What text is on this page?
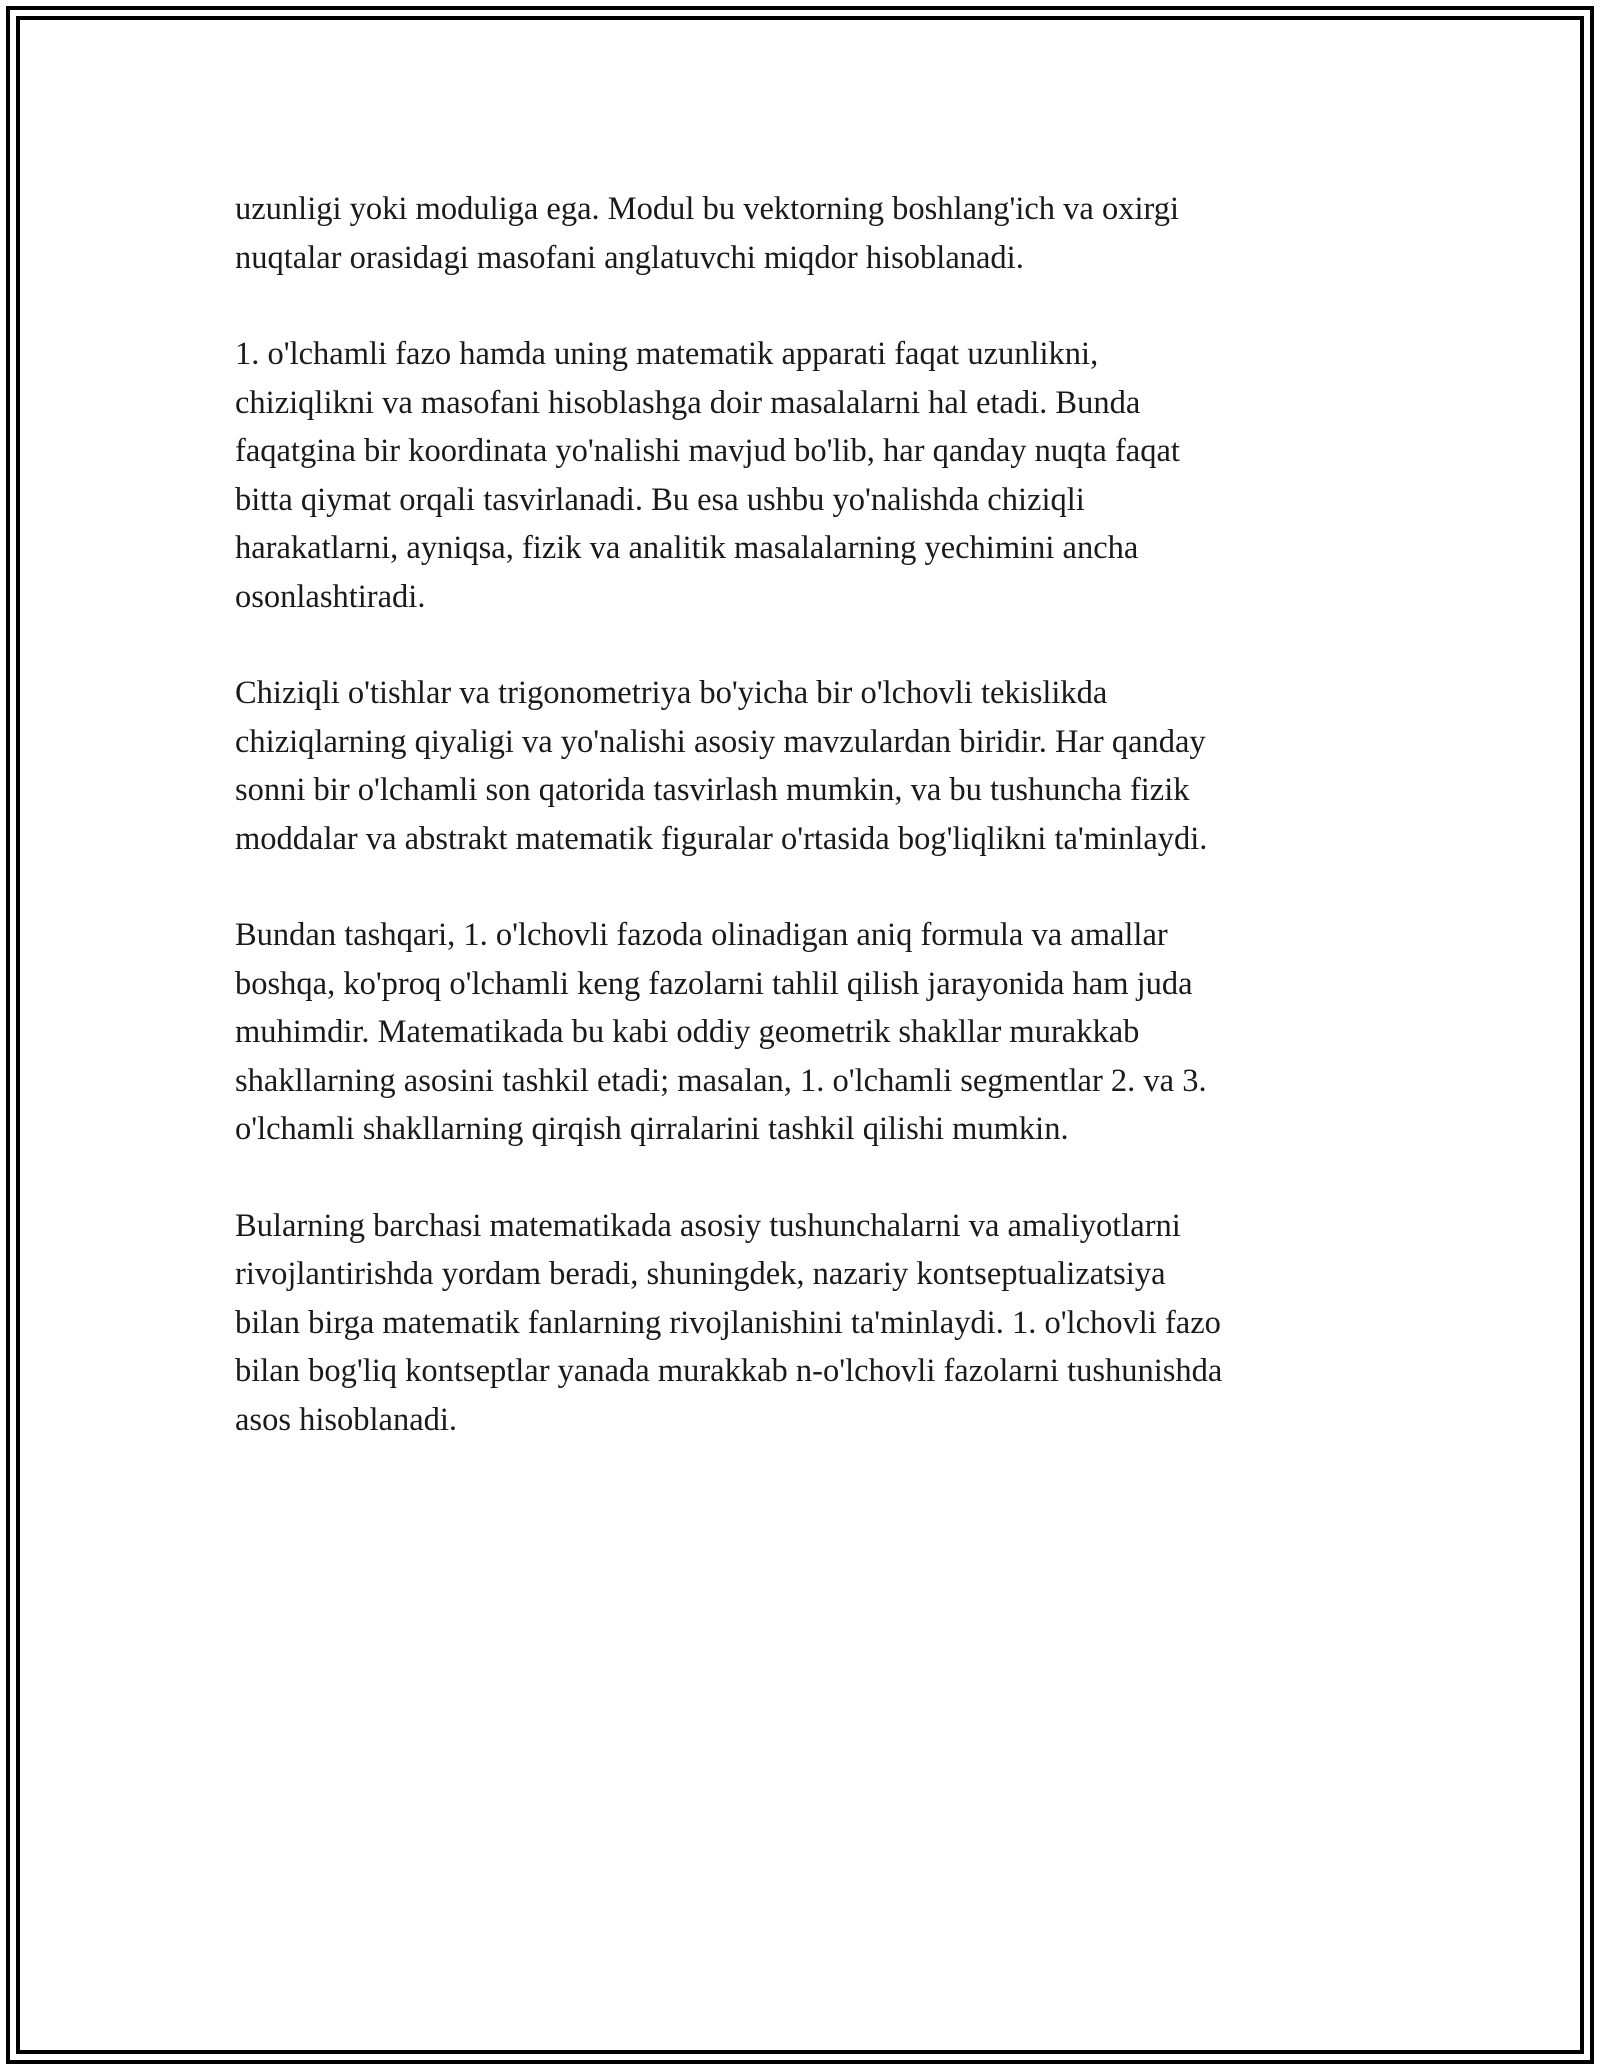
uzunligi yoki moduliga ega. Modul bu vektorning boshlang'ich va oxirgi
nuqtalar orasidagi masofani anglatuvchi miqdor hisoblanadi.

1. o'lchamli fazo hamda uning matematik apparati faqat uzunlikni,
chiziqlikni va masofani hisoblashga doir masalalarni hal etadi. Bunda
faqatgina bir koordinata yo'nalishi mavjud bo'lib, har qanday nuqta faqat
bitta qiymat orqali tasvirlanadi. Bu esa ushbu yo'nalishda chiziqli
harakatlarni, ayniqsa, fizik va analitik masalalarning yechimini ancha
osonlashtiradi.

Chiziqli o'tishlar va trigonometriya bo'yicha bir o'lchovli tekislikda
chiziqlarning qiyaligi va yo'nalishi asosiy mavzulardan biridir. Har qanday
sonni bir o'lchamli son qatorida tasvirlash mumkin, va bu tushuncha fizik
moddalar va abstrakt matematik figuralar o'rtasida bog'liqlikni ta'minlaydi.

Bundan tashqari, 1. o'lchovli fazoda olinadigan aniq formula va amallar
boshqa, ko'proq o'lchamli keng fazolarni tahlil qilish jarayonida ham juda
muhimdir. Matematikada bu kabi oddiy geometrik shakllar murakkab
shakllarning asosini tashkil etadi; masalan, 1. o'lchamli segmentlar 2. va 3.
o'lchamli shakllarning qirqish qirralarini tashkil qilishi mumkin.

Bularning barchasi matematikada asosiy tushunchalarni va amaliyotlarni
rivojlantirishda yordam beradi, shuningdek, nazariy kontseptualizatsiya
bilan birga matematik fanlarning rivojlanishini ta'minlaydi. 1. o'lchovli fazo
bilan bog'liq kontseptlar yanada murakkab n-o'lchovli fazolarni tushunishda
asos hisoblanadi.
